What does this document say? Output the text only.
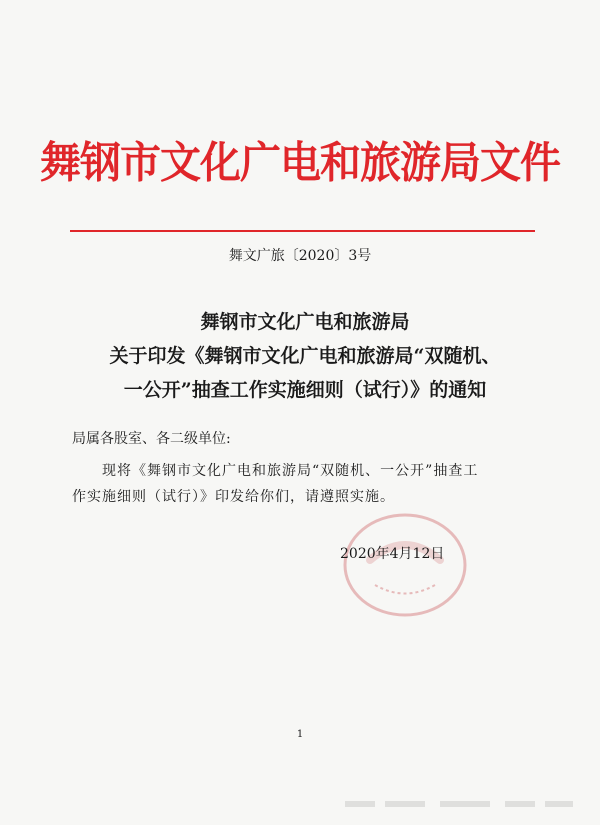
舞钢市文化广电和旅游局文件
舞文广旅〔2020〕3号
舞钢市文化广电和旅游局
关于印发《舞钢市文化广电和旅游局“双随机、
一公开”抽查工作实施细则（试行）》的通知
局属各股室、各二级单位:
现将《舞钢市文化广电和旅游局“双随机、一公开”抽查工
作实施细则（试行）》印发给你们，请遵照实施。
2020年4月12日
1
